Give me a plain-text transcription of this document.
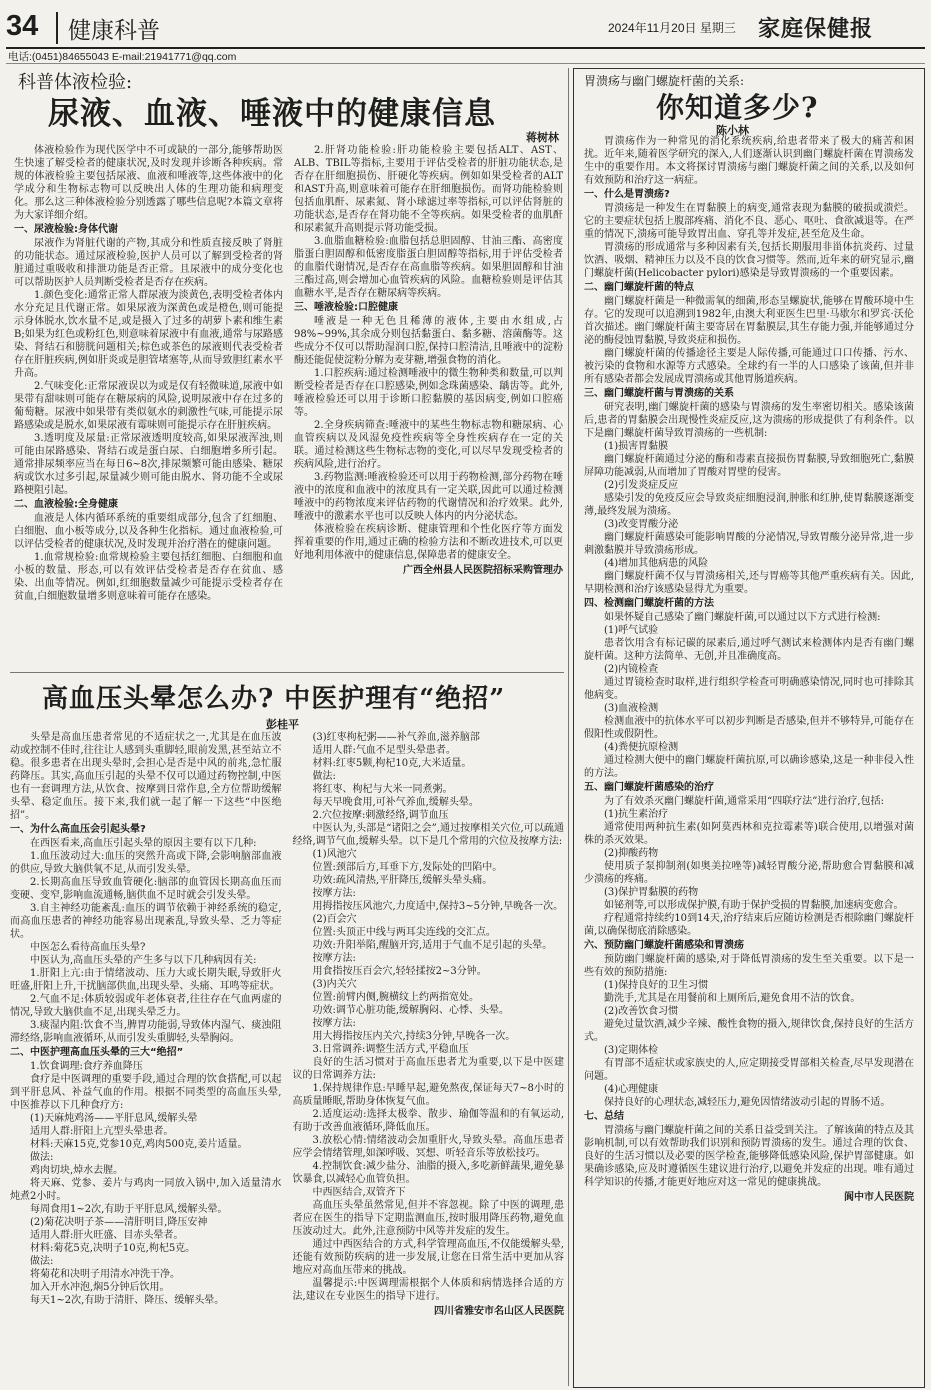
34 健康科普	2024年11月20日 星期三 家庭保健报
电话:(0451)84655043 E-mail:21941771@qq.com
科普体液检验:
尿液、血液、唾液中的健康信息
蒋树林

体液检验作为现代医学中不可或缺的一部分,能够帮助医生快速了解受检者的健康状况,及时发现并诊断各种疾病。常规的体液检验主要包括尿液、血液和唾液等,这些体液中的化学成分和生物标志物可以反映出人体的生理功能和病理变化。那么这三种体液检验分别透露了哪些信息呢?本篇文章将为大家详细介绍。

一、尿液检验:身体代谢

尿液作为肾脏代谢的产物,其成分和性质直接反映了肾脏的功能状态。通过尿液检验,医护人员可以了解到受检者的肾脏通过重吸收和排泄功能是否正常。且尿液中的成分变化也可以帮助医护人员判断受检者是否存在疾病。

1.颜色变化:通常正常人群尿液为淡黄色,表明受检者体内水分充足且代谢正常。如果尿液为深黄色或是橙色,则可能提示身体脱水,饮水量不足,或是摄入了过多的胡萝卜素和维生素B;如果为红色或粉红色,则意味着尿液中有血液,通常与尿路感染、肾结石和膀胱问题相关;棕色或茶色的尿液则代表受检者存在肝脏疾病,例如肝炎或是胆管堵塞等,从而导致胆红素水平升高。

2.气味变化:正常尿液误以为或是仅有轻微味道,尿液中如果带有甜味则可能存在糖尿病的风险,说明尿液中存在过多的葡萄糖。尿液中如果带有类似氨水的刺激性气味,可能提示尿路感染或是脱水,如果尿液有霉味则可能提示存在肝脏疾病。

3.透明度及尿量:正常尿液透明度较高,如果尿液浑浊,则可能由尿路感染、肾结石或是蛋白尿、白细胞增多所引起。通常排尿频率应当在每日6~8次,排尿频繁可能由感染、糖尿病或饮水过多引起,尿量减少则可能由脱水、肾功能不全或尿路梗阻引起。

二、血液检验:全身健康

血液是人体内循环系统的重要组成部分,包含了红细胞、白细胞、血小板等成分,以及各种生化指标。通过血液检验,可以评估受检者的健康状况,及时发现并治疗潜在的健康问题。

1.血常规检验:血常规检验主要包括红细胞、白细胞和血小板的数量、形态,可以有效评估受检者是否存在贫血、感染、出血等情况。例如,红细胞数量减少可能提示受检者存在贫血,白细胞数量增多则意味着可能存在感染。

2.肝肾功能检验:肝功能检验主要包括ALT、AST、ALB、TBIL等指标,主要用于评估受检者的肝脏功能状态,是否存在肝细胞损伤、肝硬化等疾病。例如如果受检者的ALT和AST升高,则意味着可能存在肝细胞损伤。而肾功能检验则包括血肌酐、尿素氮、肾小球滤过率等指标,可以评估肾脏的功能状态,是否存在肾功能不全等疾病。如果受检者的血肌酐和尿素氮升高则提示肾功能受损。

3.血脂血糖检验:血脂包括总胆固醇、甘油三酯、高密度脂蛋白胆固醇和低密度脂蛋白胆固醇等指标,用于评估受检者的血脂代谢情况,是否存在高血脂等疾病。如果胆固醇和甘油三酯过高,则会增加心血管疾病的风险。血糖检验则是评估其血糖水平,是否存在糖尿病等疾病。

三、唾液检验:口腔健康

唾液是一种无色且稀薄的液体,主要由水组成,占98%~99%,其余成分则包括黏蛋白、黏多糖、溶菌酶等。这些成分不仅可以帮助湿润口腔,保持口腔清洁,且唾液中的淀粉酶还能促使淀粉分解为麦芽糖,增强食物的消化。

1.口腔疾病:通过检测唾液中的微生物种类和数量,可以判断受检者是否存在口腔感染,例如念珠菌感染、龋齿等。此外,唾液检验还可以用于诊断口腔黏膜的基因病变,例如口腔癌等。

2.全身疾病筛查:唾液中的某些生物标志物和糖尿病、心血管疾病以及风湿免疫性疾病等全身性疾病存在一定的关联。通过检测这些生物标志物的变化,可以尽早发现受检者的疾病风险,进行治疗。

3.药物监测:唾液检验还可以用于药物检测,部分药物在唾液中的浓度和血液中的浓度具有一定关联,因此可以通过检测唾液中的药物浓度来评估药物的代谢情况和治疗效果。此外,唾液中的激素水平也可以反映人体内的内分泌状态。

体液检验在疾病诊断、健康管理和个性化医疗等方面发挥着重要的作用,通过正确的检验方法和不断改进技术,可以更好地利用体液中的健康信息,保障患者的健康安全。

广西全州县人民医院招标采购管理办
高血压头晕怎么办? 中医护理有“绝招”
彭桂平

头晕是高血压患者常见的不适症状之一,尤其是在血压波动或控制不佳时,往往让人感到头重脚轻,眼前发黑,甚至站立不稳。很多患者在出现头晕时,会担心是否是中风的前兆,急忙服药降压。其实,高血压引起的头晕不仅可以通过药物控制,中医也有一套调理方法,从饮食、按摩到日常作息,全方位帮助缓解头晕、稳定血压。接下来,我们就一起了解一下这些“中医绝招”。

一、为什么高血压会引起头晕?

在西医看来,高血压引起头晕的原因主要有以下几种:

1.血压波动过大:血压的突然升高或下降,会影响脑部血液的供应,导致大脑供氧不足,从而引发头晕。

2.长期高血压导致血管硬化:脑部的血管因长期高血压而变硬、变窄,影响血流通畅,脑供血不足时就会引发头晕。

3.自主神经功能紊乱:血压的调节依赖于神经系统的稳定,而高血压患者的神经功能容易出现紊乱,导致头晕、乏力等症状。

中医怎么看待高血压头晕?

中医认为,高血压头晕的产生多与以下几种病因有关:

1.肝阳上亢:由于情绪波动、压力大或长期失眠,导致肝火旺盛,肝阳上升,干扰脑部供血,出现头晕、头痛、耳鸣等症状。

2.气血不足:体质较弱或年老体衰者,往往存在气血两虚的情况,导致大脑供血不足,出现头晕乏力。

3.痰湿内阻:饮食不当,脾胃功能弱,导致体内湿气、痰浊阻滞经络,影响血液循环,从而引发头重脚轻,头晕胸闷。

二、中医护理高血压头晕的三大“绝招”

1.饮食调理:食疗养血降压

食疗是中医调理的重要手段,通过合理的饮食搭配,可以起到平肝息风、补益气血的作用。根据不同类型的高血压头晕,中医推荐以下几种食疗方:

(1)天麻炖鸡汤——平肝息风,缓解头晕

适用人群:肝阳上亢型头晕患者。

材料:天麻15克,党参10克,鸡肉500克,姜片适量。

做法:

鸡肉切块,焯水去腥。

将天麻、党参、姜片与鸡肉一同放入锅中,加入适量清水炖煮2小时。

每周食用1~2次,有助于平肝息风,缓解头晕。

(2)菊花决明子茶——清肝明目,降压安神

适用人群:肝火旺盛、目赤头晕者。

材料:菊花5克,决明子10克,枸杞5克。

做法:

将菊花和决明子用清水冲洗干净。

加入开水冲泡,焖5分钟后饮用。

每天1~2次,有助于清肝、降压、缓解头晕。

(3)红枣枸杞粥——补气养血,滋养脑部

适用人群:气血不足型头晕患者。

材料:红枣5颗,枸杞10克,大米适量。

做法:

将红枣、枸杞与大米一同煮粥。

每天早晚食用,可补气养血,缓解头晕。

2.穴位按摩:刺激经络,调节血压

中医认为,头部是“诸阳之会”,通过按摩相关穴位,可以疏通经络,调节气血,缓解头晕。以下是几个常用的穴位及按摩方法:

(1)风池穴

位置:颈部后方,耳垂下方,发际处的凹陷中。

功效:疏风清热,平肝降压,缓解头晕头痛。

按摩方法:

用拇指按压风池穴,力度适中,保持3~5分钟,早晚各一次。

(2)百会穴

位置:头顶正中线与两耳尖连线的交汇点。

功效:升阳举陷,醒脑开窍,适用于气血不足引起的头晕。

按摩方法:

用食指按压百会穴,轻轻揉按2~3分钟。

(3)内关穴

位置:前臂内侧,腕横纹上约两指宽处。

功效:调节心脏功能,缓解胸闷、心悸、头晕。

按摩方法:

用大拇指按压内关穴,持续3分钟,早晚各一次。

3.日常调养:调整生活方式,平稳血压

良好的生活习惯对于高血压患者尤为重要,以下是中医建议的日常调养方法:

1.保持规律作息:早睡早起,避免熬夜,保证每天7~8小时的高质量睡眠,帮助身体恢复气血。

2.适度运动:选择太极拳、散步、瑜伽等温和的有氧运动,有助于改善血液循环,降低血压。

3.放松心情:情绪波动会加重肝火,导致头晕。高血压患者应学会情绪管理,如深呼吸、冥想、听轻音乐等放松技巧。

4.控制饮食:减少盐分、油脂的摄入,多吃新鲜蔬果,避免暴饮暴食,以减轻心血管负担。

中西医结合,双管齐下

高血压头晕虽然常见,但并不容忽视。除了中医的调理,患者应在医生的指导下定期监测血压,按时服用降压药物,避免血压波动过大。此外,注意预防中风等并发症的发生。

通过中西医结合的方式,科学管理高血压,不仅能缓解头晕,还能有效预防疾病的进一步发展,让您在日常生活中更加从容地应对高血压带来的挑战。

温馨提示:中医调理需根据个人体质和病情选择合适的方法,建议在专业医生的指导下进行。

四川省雅安市名山区人民医院
胃溃疡与幽门螺旋杆菌的关系:
你知道多少?
陈小林

胃溃疡作为一种常见的消化系统疾病,给患者带来了极大的痛苦和困扰。近年来,随着医学研究的深入,人们逐渐认识到幽门螺旋杆菌在胃溃疡发生中的重要作用。本文将探讨胃溃疡与幽门螺旋杆菌之间的关系,以及如何有效预防和治疗这一病症。

一、什么是胃溃疡?

胃溃疡是一种发生在胃黏膜上的病变,通常表现为黏膜的破损或溃烂。它的主要症状包括上腹部疼痛、消化不良、恶心、呕吐、食欲减退等。在严重的情况下,溃疡可能导致胃出血、穿孔等并发症,甚至危及生命。

胃溃疡的形成通常与多种因素有关,包括长期服用非甾体抗炎药、过量饮酒、吸烟、精神压力以及不良的饮食习惯等。然而,近年来的研究显示,幽门螺旋杆菌(Helicobacter pylori)感染是导致胃溃疡的一个重要因素。

二、幽门螺旋杆菌的特点

幽门螺旋杆菌是一种微需氧的细菌,形态呈螺旋状,能够在胃酸环境中生存。它的发现可以追溯到1982年,由澳大利亚医生巴里·马歇尔和罗宾·沃伦首次描述。幽门螺旋杆菌主要寄居在胃黏膜层,其生存能力强,并能够通过分泌的酶侵蚀胃黏膜,导致炎症和损伤。

幽门螺旋杆菌的传播途径主要是人际传播,可能通过口口传播、污水、被污染的食物和水源等方式感染。全球约有一半的人口感染了该菌,但并非所有感染者都会发展成胃溃疡或其他胃肠道疾病。

三、幽门螺旋杆菌与胃溃疡的关系

研究表明,幽门螺旋杆菌的感染与胃溃疡的发生率密切相关。感染该菌后,患者的胃黏膜会出现慢性炎症反应,这为溃疡的形成提供了有利条件。以下是幽门螺旋杆菌导致胃溃疡的一些机制:

(1)损害胃黏膜

幽门螺旋杆菌通过分泌的酶和毒素直接损伤胃黏膜,导致细胞死亡,黏膜屏障功能减弱,从而增加了胃酸对胃壁的侵害。

(2)引发炎症反应

感染引发的免疫反应会导致炎症细胞浸润,肿胀和红肿,使胃黏膜逐渐变薄,最终发展为溃疡。

(3)改变胃酸分泌

幽门螺旋杆菌感染可能影响胃酸的分泌情况,导致胃酸分泌异常,进一步刺激黏膜并导致溃疡形成。

(4)增加其他病患的风险

幽门螺旋杆菌不仅与胃溃疡相关,还与胃癌等其他严重疾病有关。因此,早期检测和治疗该感染显得尤为重要。

四、检测幽门螺旋杆菌的方法

如果怀疑自己感染了幽门螺旋杆菌,可以通过以下方式进行检测:

(1)呼气试验

患者饮用含有标记碳的尿素后,通过呼气测试来检测体内是否有幽门螺旋杆菌。这种方法简单、无创,并且准确度高。

(2)内镜检查

通过胃镜检查时取样,进行组织学检查可明确感染情况,同时也可排除其他病变。

(3)血液检测

检测血液中的抗体水平可以初步判断是否感染,但并不够特异,可能存在假阳性或假阴性。

(4)粪便抗原检测

通过检测大便中的幽门螺旋杆菌抗原,可以确诊感染,这是一种非侵入性的方法。

五、幽门螺旋杆菌感染的治疗

为了有效杀灭幽门螺旋杆菌,通常采用“四联疗法”进行治疗,包括:

(1)抗生素治疗

通常使用两种抗生素(如阿莫西林和克拉霉素等)联合使用,以增强对菌株的杀灭效果。

(2)抑酸药物

使用质子泵抑制剂(如奥美拉唑等)减轻胃酸分泌,帮助愈合胃黏膜和减少溃疡的疼痛。

(3)保护胃黏膜的药物

如铋剂等,可以形成保护膜,有助于保护受损的胃黏膜,加速病变愈合。

疗程通常持续约10到14天,治疗结束后应随访检测是否根除幽门螺旋杆菌,以确保彻底消除感染。

六、预防幽门螺旋杆菌感染和胃溃疡

预防幽门螺旋杆菌的感染,对于降低胃溃疡的发生至关重要。以下是一些有效的预防措施:

(1)保持良好的卫生习惯

勤洗手,尤其是在用餐前和上厕所后,避免食用不洁的饮食。

(2)改善饮食习惯

避免过量饮酒,减少辛辣、酸性食物的摄入,规律饮食,保持良好的生活方式。

(3)定期体检

有胃部不适症状或家族史的人,应定期接受胃部相关检查,尽早发现潜在问题。

(4)心理健康

保持良好的心理状态,减轻压力,避免因情绪波动引起的胃肠不适。

七、总结

胃溃疡与幽门螺旋杆菌之间的关系日益受到关注。了解该菌的特点及其影响机制,可以有效帮助我们识别和预防胃溃疡的发生。通过合理的饮食、良好的生活习惯以及必要的医学检查,能够降低感染风险,保护胃部健康。如果确诊感染,应及时遵循医生建议进行治疗,以避免并发症的出现。唯有通过科学知识的传播,才能更好地应对这一常见的健康挑战。

阆中市人民医院
